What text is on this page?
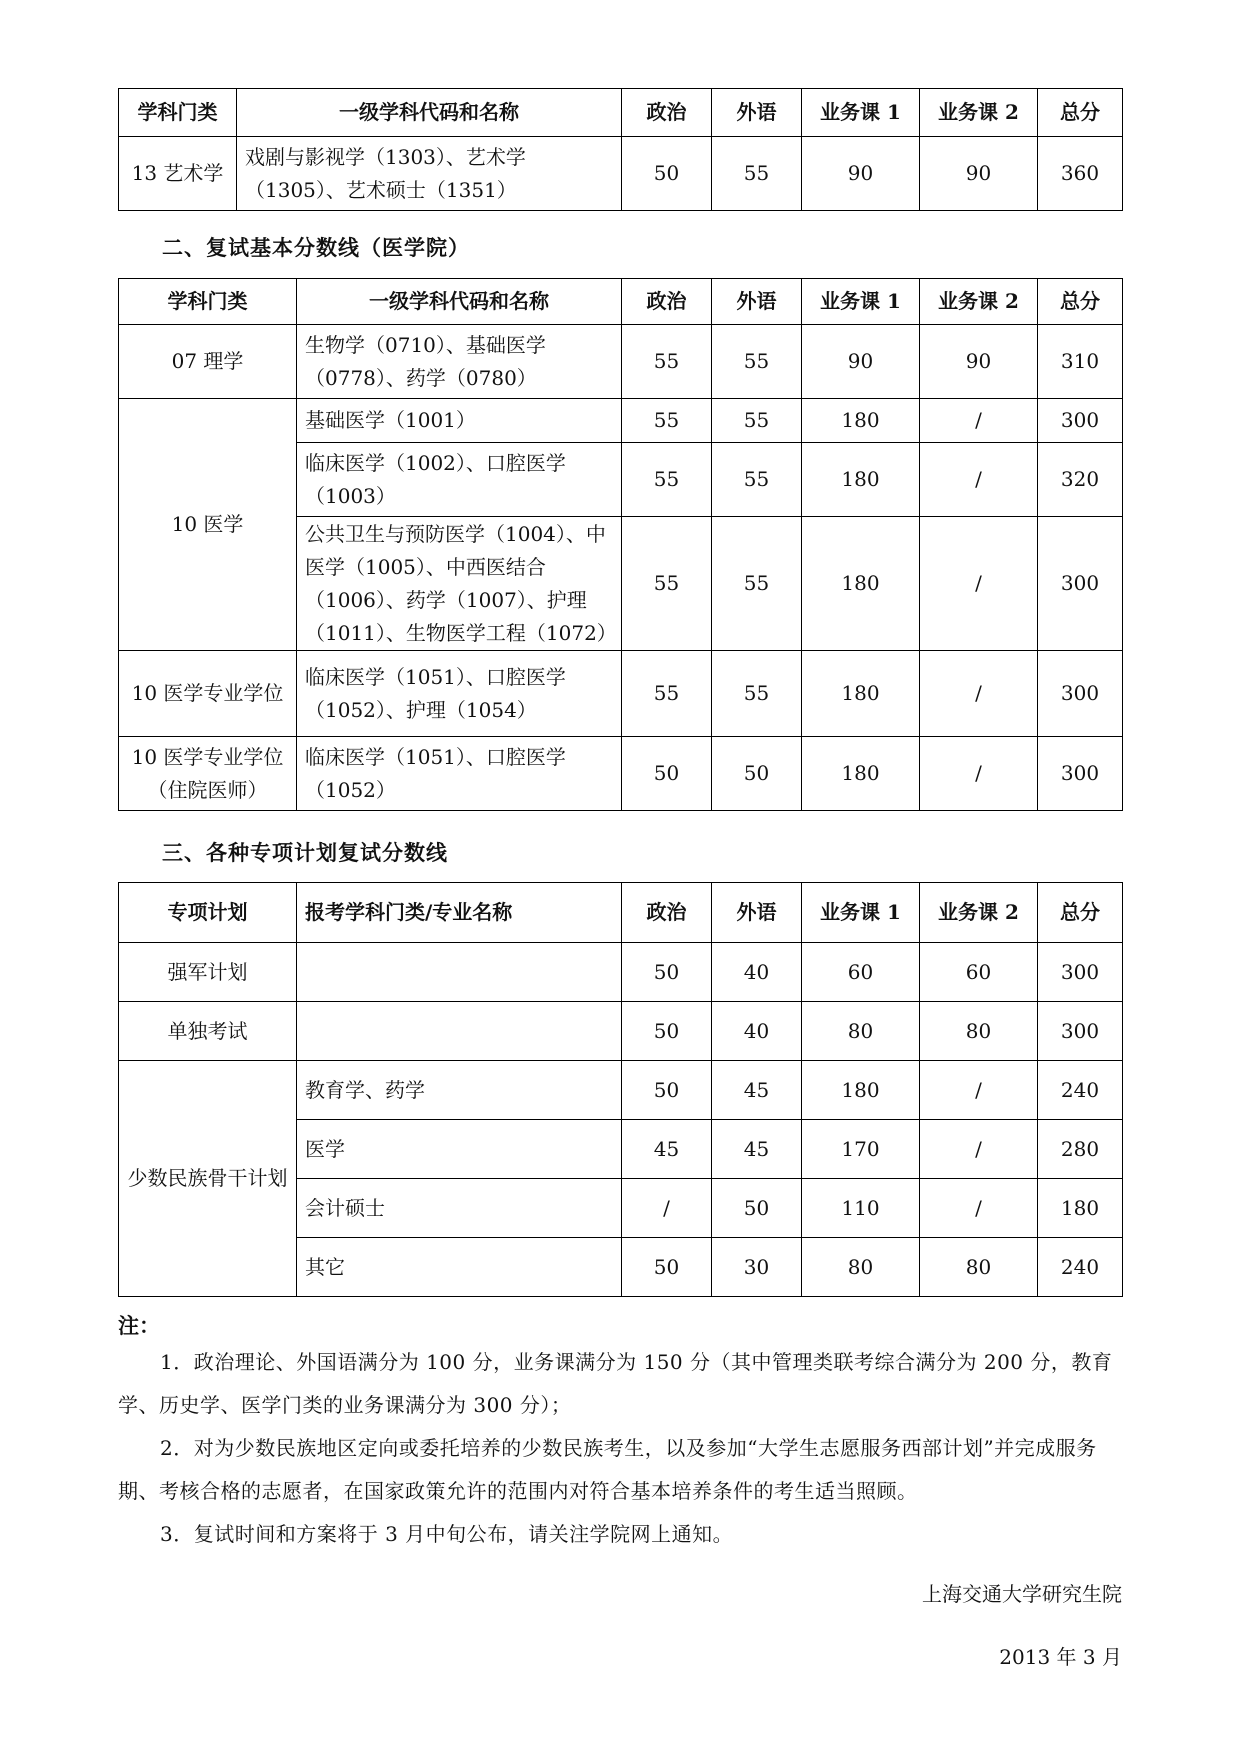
学科门类	一级学科代码和名称	政治	外语	业务课 1	业务课 2	总分
13 艺术学	戏剧与影视学（1303）、艺术学（1305）、艺术硕士（1351）	50	55	90	90	360
二、复试基本分数线（医学院）
学科门类	一级学科代码和名称	政治	外语	业务课 1	业务课 2	总分
07 理学	生物学（0710）、基础医学（0778）、药学（0780）	55	55	90	90	310
10 医学	基础医学（1001）	55	55	180	/	300
	临床医学（1002）、口腔医学（1003）	55	55	180	/	320
	公共卫生与预防医学（1004）、中医学（1005）、中西医结合（1006）、药学（1007）、护理（1011）、生物医学工程（1072）	55	55	180	/	300
10 医学专业学位	临床医学（1051）、口腔医学（1052）、护理（1054）	55	55	180	/	300
10 医学专业学位（住院医师）	临床医学（1051）、口腔医学（1052）	50	50	180	/	300
三、各种专项计划复试分数线
专项计划	报考学科门类/专业名称	政治	外语	业务课 1	业务课 2	总分
强军计划		50	40	60	60	300
单独考试		50	40	80	80	300
少数民族骨干计划	教育学、药学	50	45	180	/	240
	医学	45	45	170	/	280
	会计硕士	/	50	110	/	180
	其它	50	30	80	80	240
注：
1．政治理论、外国语满分为 100 分，业务课满分为 150 分（其中管理类联考综合满分为 200 分，教育学、历史学、医学门类的业务课满分为 300 分）；
2．对为少数民族地区定向或委托培养的少数民族考生，以及参加“大学生志愿服务西部计划”并完成服务期、考核合格的志愿者，在国家政策允许的范围内对符合基本培养条件的考生适当照顾。
3．复试时间和方案将于 3 月中旬公布，请关注学院网上通知。
上海交通大学研究生院
2013 年 3 月
